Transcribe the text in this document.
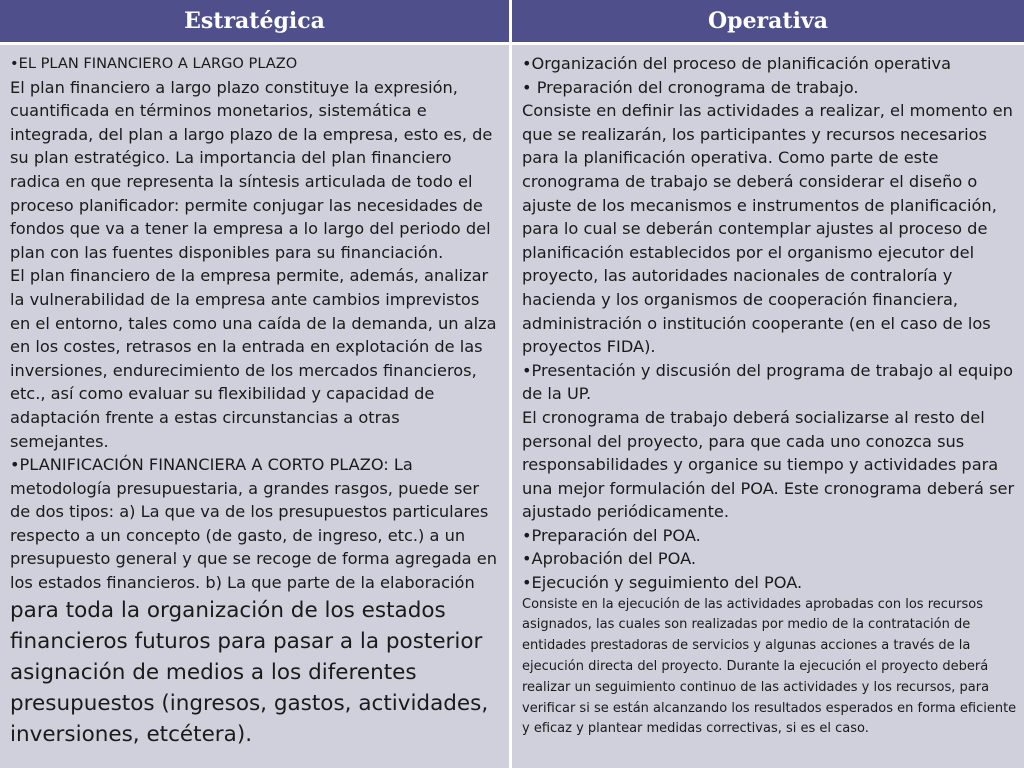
Estratégica	Operativa

•EL PLAN FINANCIERO A LARGO PLAZO

El plan financiero a largo plazo constituye la expresión, cuantificada en términos monetarios, sistemática e integrada, del plan a largo plazo de la empresa, esto es, de su plan estratégico. La importancia del plan financiero radica en que representa la síntesis articulada de todo el proceso planificador: permite conjugar las necesidades de fondos que va a tener la empresa a lo largo del periodo del plan con las fuentes disponibles para su financiación.

El plan financiero de la empresa permite, además, analizar la vulnerabilidad de la empresa ante cambios imprevistos en el entorno, tales como una caída de la demanda, un alza en los costes, retrasos en la entrada en explotación de las inversiones, endurecimiento de los mercados financieros, etc., así como evaluar su flexibilidad y capacidad de adaptación frente a estas circunstancias a otras semejantes.

•PLANIFICACIÓN FINANCIERA A CORTO PLAZO: La metodología presupuestaria, a grandes rasgos, puede ser de dos tipos: a) La que va de los presupuestos particulares respecto a un concepto (de gasto, de ingreso, etc.) a un presupuesto general y que se recoge de forma agregada en los estados financieros. b) La que parte de la elaboración

para toda la organización de los estados financieros futuros para pasar a la posterior asignación de medios a los diferentes presupuestos (ingresos, gastos, actividades, inversiones, etcétera).

•Organización del proceso de planificación operativa

• Preparación del cronograma de trabajo.

Consiste en definir las actividades a realizar, el momento en que se realizarán, los participantes y recursos necesarios para la planificación operativa. Como parte de este cronograma de trabajo se deberá considerar el diseño o ajuste de los mecanismos e instrumentos de planificación, para lo cual se deberán contemplar ajustes al proceso de planificación establecidos por el organismo ejecutor del proyecto, las autoridades nacionales de contraloría y hacienda y los organismos de cooperación financiera, administración o institución cooperante (en el caso de los proyectos FIDA).

•Presentación y discusión del programa de trabajo al equipo de la UP.

El cronograma de trabajo deberá socializarse al resto del personal del proyecto, para que cada uno conozca sus responsabilidades y organice su tiempo y actividades para una mejor formulación del POA. Este cronograma deberá ser ajustado periódicamente.

•Preparación del POA.

•Aprobación del POA.

•Ejecución y seguimiento del POA.

Consiste en la ejecución de las actividades aprobadas con los recursos asignados, las cuales son realizadas por medio de la contratación de entidades prestadoras de servicios y algunas acciones a través de la ejecución directa del proyecto. Durante la ejecución el proyecto deberá realizar un seguimiento continuo de las actividades y los recursos, para verificar si se están alcanzando los resultados esperados en forma eficiente y eficaz y plantear medidas correctivas, si es el caso.
